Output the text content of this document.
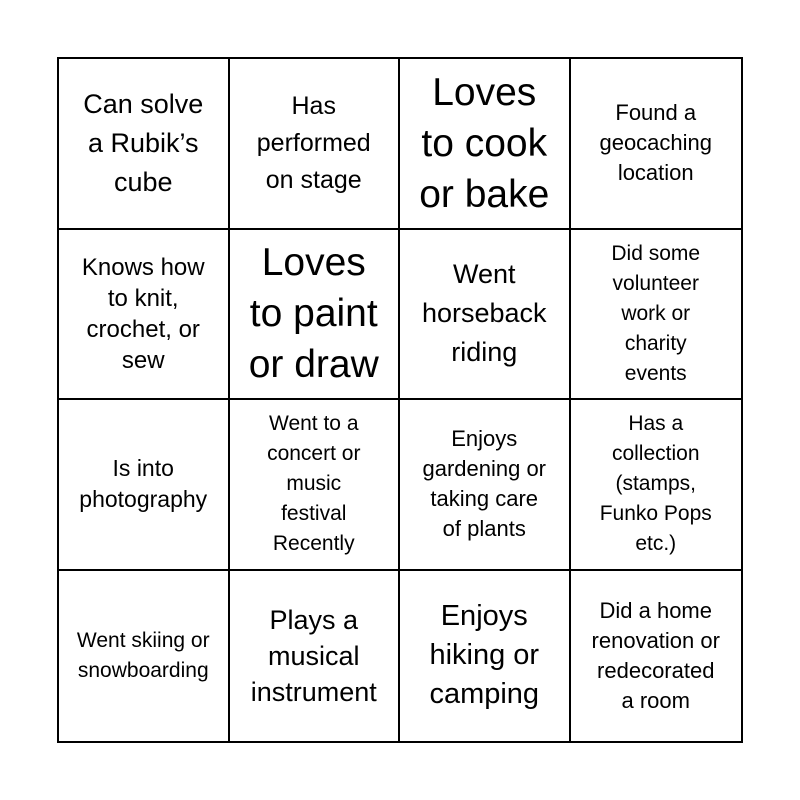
Can solve
a Rubik’s
cube
Has
performed
on stage
Loves
to cook
or bake
Found a
geocaching
location
Knows how
to knit,
crochet, or
sew
Loves
to paint
or draw
Went
horseback
riding
Did some
volunteer
work or
charity
events
Is into
photography
Went to a
concert or
music
festival
Recently
Enjoys
gardening or
taking care
of plants
Has a
collection
(stamps,
Funko Pops
etc.)
Went skiing or
snowboarding
Plays a
musical
instrument
Enjoys
hiking or
camping
Did a home
renovation or
redecorated
a room
